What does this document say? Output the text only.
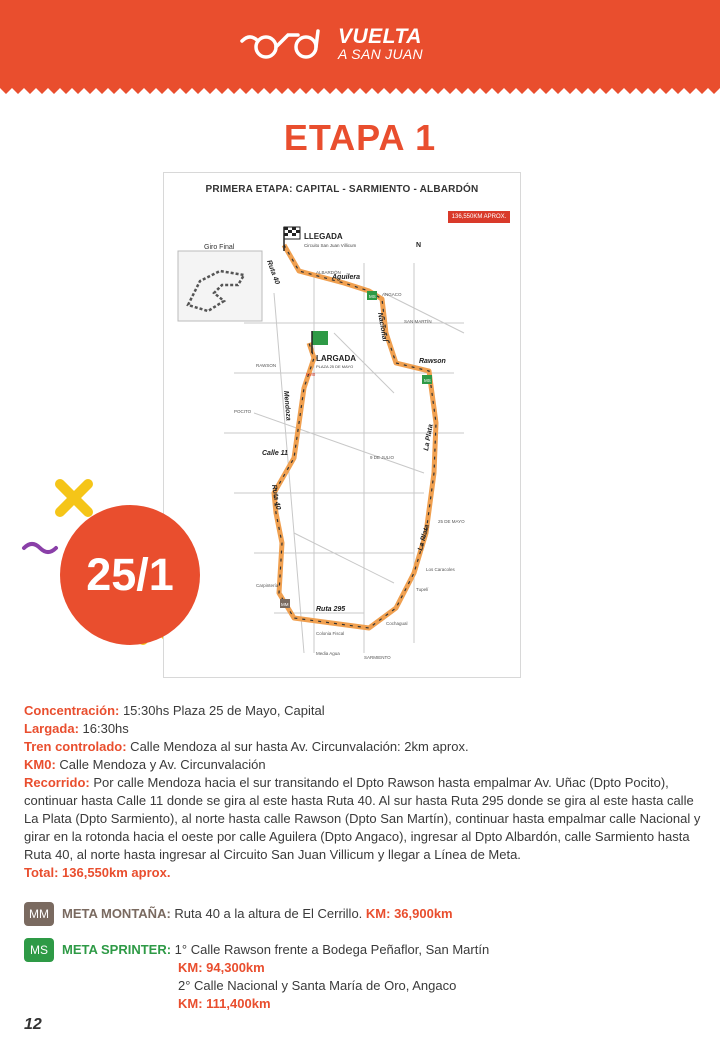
VUELTA
A SAN JUAN
ETAPA 1
PRIMERA ETAPA: CAPITAL - SARMIENTO - ALBARDÓN
136,550KM APROX.
Giro Final
LLEGADA
Circuito San Juan Villicum
LARGADA
PLAZA 25 DE MAYO
MS
MS
MM
KM0
Ruta 40	Aguilera
Nacional
Rawson
Mendoza
Calle 11
Ruta 40
La Plata
La Plata
Ruta 295
ALBARDÓN
ANGACO
SAN MARTÍN
RAWSON
POCITO
9 DE JULIO
25 DE MAYO
Los Caracoles
Carpintería
Cochagual
Colonia Fiscal
SARMIENTO
Media Agua
Tupelí
N
25/1
Concentración: 15:30hs Plaza 25 de Mayo, Capital
Largada: 16:30hs
Tren controlado: Calle Mendoza al sur hasta Av. Circunvalación: 2km aprox.
KM0: Calle Mendoza y Av. Circunvalación
Recorrido: Por calle Mendoza hacia el sur transitando el Dpto Rawson hasta empalmar Av. Uñac (Dpto Pocito), continuar hasta Calle 11 donde se gira al este hasta Ruta 40. Al sur hasta Ruta 295 donde se gira al este hasta calle La Plata (Dpto Sarmiento), al norte hasta calle Rawson (Dpto San Martín), continuar hasta empalmar calle Nacional y girar en la rotonda hacia el oeste por calle Aguilera (Dpto Angaco), ingresar al Dpto Albardón, calle Sarmiento hasta Ruta 40, al norte hasta ingresar al Circuito San Juan Villicum y llegar a Línea de Meta.
Total: 136,550km aprox.
MM	META MONTAÑA: Ruta 40 a la altura de El Cerrillo. KM: 36,900km
MS	META SPRINTER: 1° Calle Rawson frente a Bodega Peñaflor, San Martín
KM: 94,300km
2° Calle Nacional y Santa María de Oro, Angaco
KM: 111,400km
12
